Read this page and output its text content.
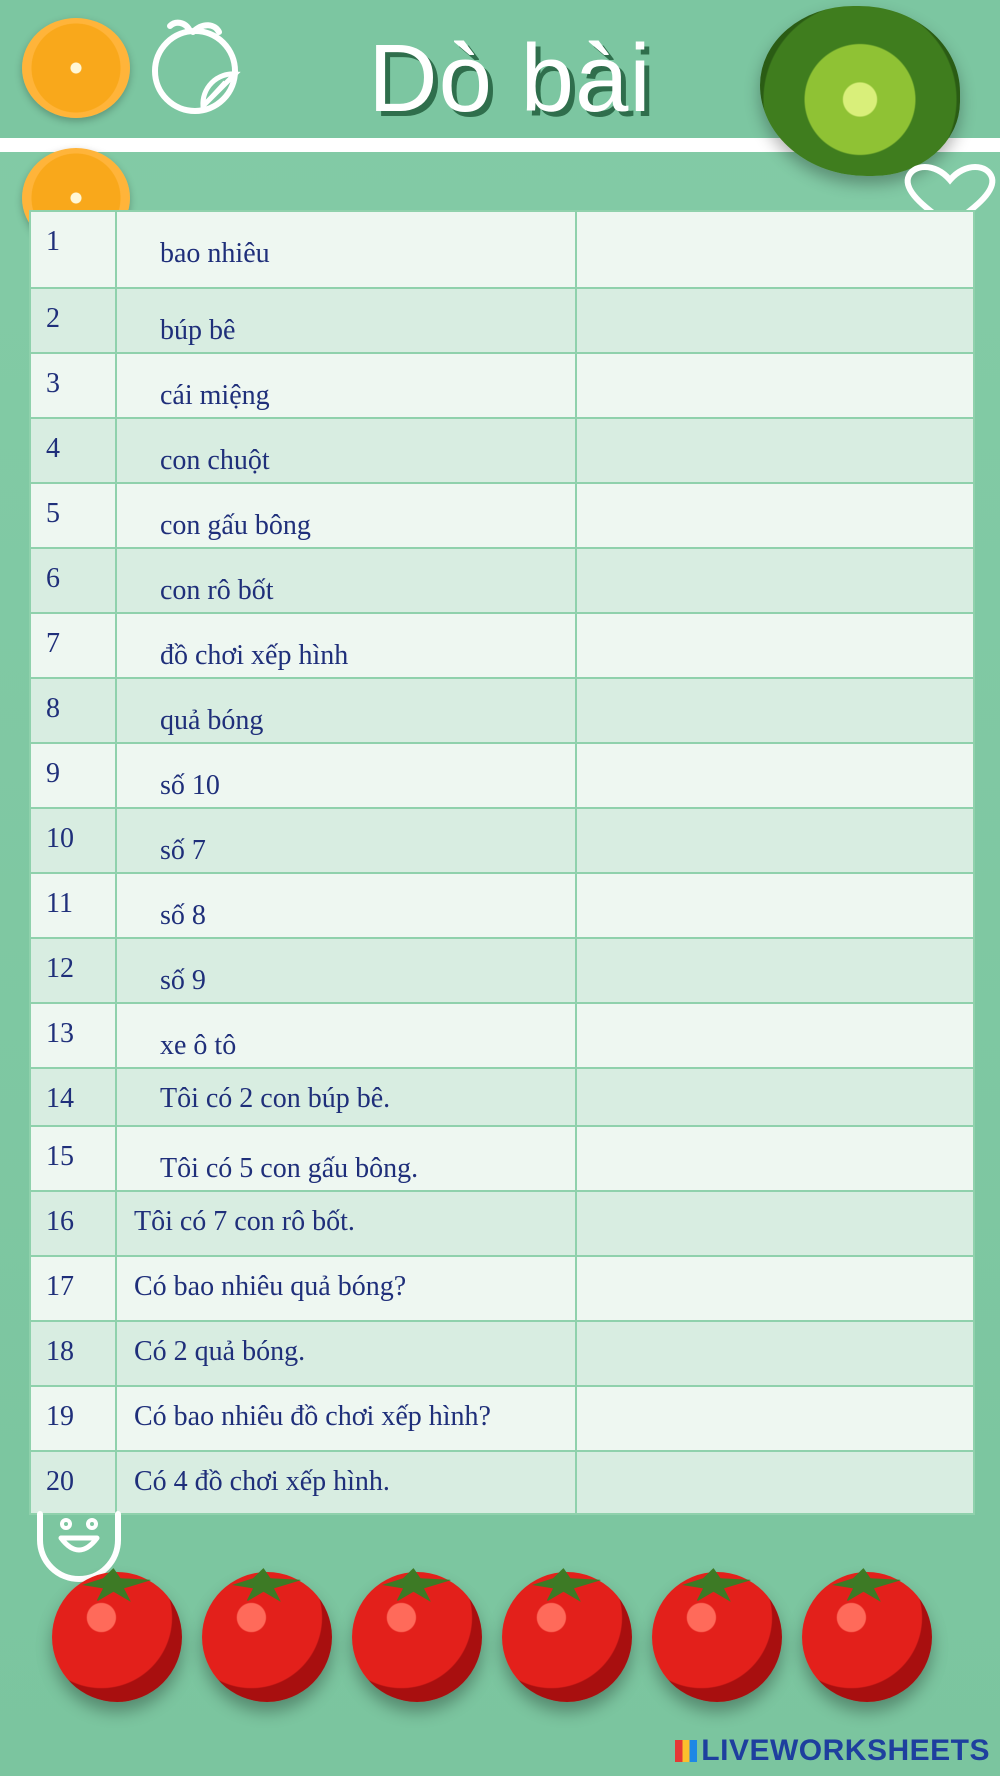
Dò bài
1	bao nhiêu	
2	búp bê	
3	cái miệng	
4	con chuột	
5	con gấu bông	
6	con rô bốt	
7	đồ chơi xếp hình	
8	quả bóng	
9	số 10	
10	số 7	
11	số 8	
12	số 9	
13	xe ô tô	
14	Tôi có 2 con búp bê.	
15	Tôi có 5 con gấu bông.	
16	Tôi có 7 con rô bốt.	
17	Có bao nhiêu quả bóng?	
18	Có 2 quả bóng.	
19	Có bao nhiêu đồ chơi xếp hình?	
20	Có 4 đồ chơi xếp hình.	
LIVEWORKSHEETS
